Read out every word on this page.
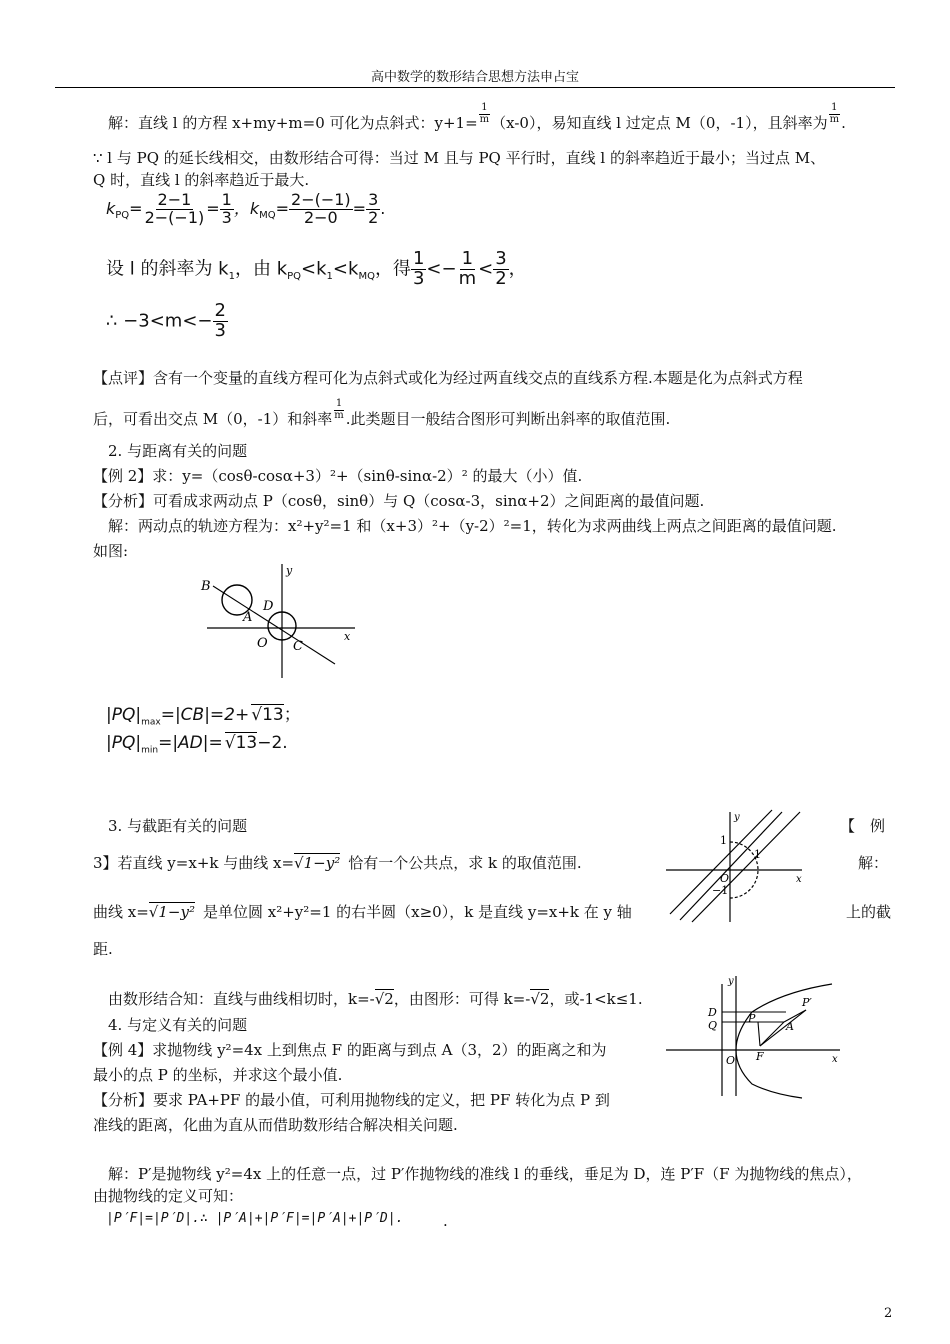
高中数学的数形结合思想方法申占宝
解：直线 l 的方程 x+my+m=0 可化为点斜式：$y+1= \frac{1}{m} (x-0)$，易知直线 l 过定点 M（0，-1），且斜率为 $\frac{1}{m}$ .
∵ l 与 PQ 的延长线相交，由数形结合可得：当过 M 且与 PQ 平行时，直线 l 的斜率趋近于最小；当过点 M、
Q 时，直线 l 的斜率趋近于最大.
$k_{PQ}= \frac{2-1}{2-(-1)} = \frac{1}{3}$ ，$k_{MQ}= \frac{2-(-1)}{2-0} = \frac{3}{2}$ .
设 l 的斜率为 $k_1$，由 $k_{PQ}<k_1<k_{MQ}$，得 $\frac{1}{3} <- \frac{1}{m} < \frac{3}{2}$ ，
∴ $-3<m<- \frac{2}{3}$
【点评】含有一个变量的直线方程可化为点斜式或化为经过两直线交点的直线系方程.本题是化为点斜式方程
后，可看出交点 M（0，-1）和斜率 $\frac{1}{m}$ .此类题目一般结合图形可判断出斜率的取值范围.
2. 与距离有关的问题
【例 2】求：y=（cosθ-cosα+3）²+（sinθ-sinα-2）² 的最大（小）值.
【分析】可看成求两动点 P（cosθ，sinθ）与 Q（cosα-3，sinα+2）之间距离的最值问题.
解：两动点的轨迹方程为：x²+y²=1 和（x+3）²+（y-2）²=1，转化为求两曲线上两点之间距离的最值问题.
如图:
B
D
A
O C
x
y
$|PQ|_{max}=|CB|=2+ √13$；
$|PQ|_{min}=|AD|= √13-2$.
3. 与截距有关的问题	【　例
3】若直线 y=x+k 与曲线 x=√1−y² 恰有一个公共点，求 k 的取值范围.	解：
曲线 x=√1−y² 是单位圆 x²+y²=1 的右半圆（x≥0），k 是直线 y=x+k 在 y 轴	上的截
距.
由数形结合知：直线与曲线相切时，k=-√2，由图形：可得 k=-√2，或-1<k≤1.
y
x
1
1
O
−1
4. 与定义有关的问题
【例 4】求抛物线 y²=4x 上到焦点 F 的距离与到点 A（3，2）的距离之和为
最小的点 P 的坐标，并求这个最小值.
【分析】要求 PA+PF 的最小值，可利用抛物线的定义，把 PF 转化为点 P 到
准线的距离，化曲为直从而借助数形结合解决相关问题.
解：P′是抛物线 y²=4x 上的任意一点，过 P′作抛物线的准线 l 的垂线，垂足为 D，连 P′F（F 为抛物线的焦点），
由抛物线的定义可知：
|P′F|=|P′D|.∴ |P′A|+|P′F|=|P′A|+|P′D|.	.
y
x
D
Q
P
P′
A
O F
2
